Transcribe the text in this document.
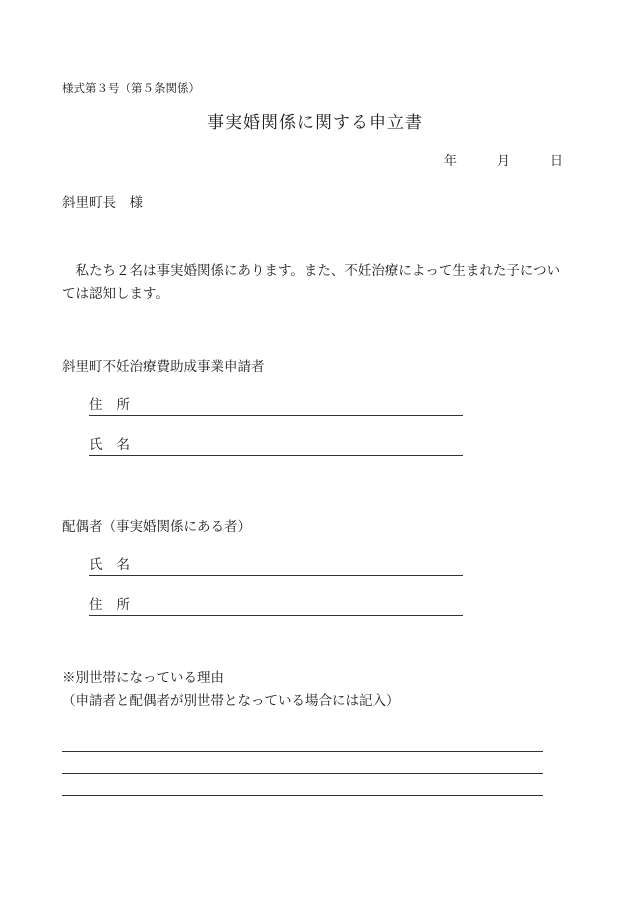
様式第３号（第５条関係）
事実婚関係に関する申立書
年	月	日
斜里町長　様
私たち２名は事実婚関係にあります。また、不妊治療によって生まれた子については認知します。
斜里町不妊治療費助成事業申請者
住所
氏名
配偶者（事実婚関係にある者）
氏名
住所
※別世帯になっている理由
（申請者と配偶者が別世帯となっている場合には記入）
